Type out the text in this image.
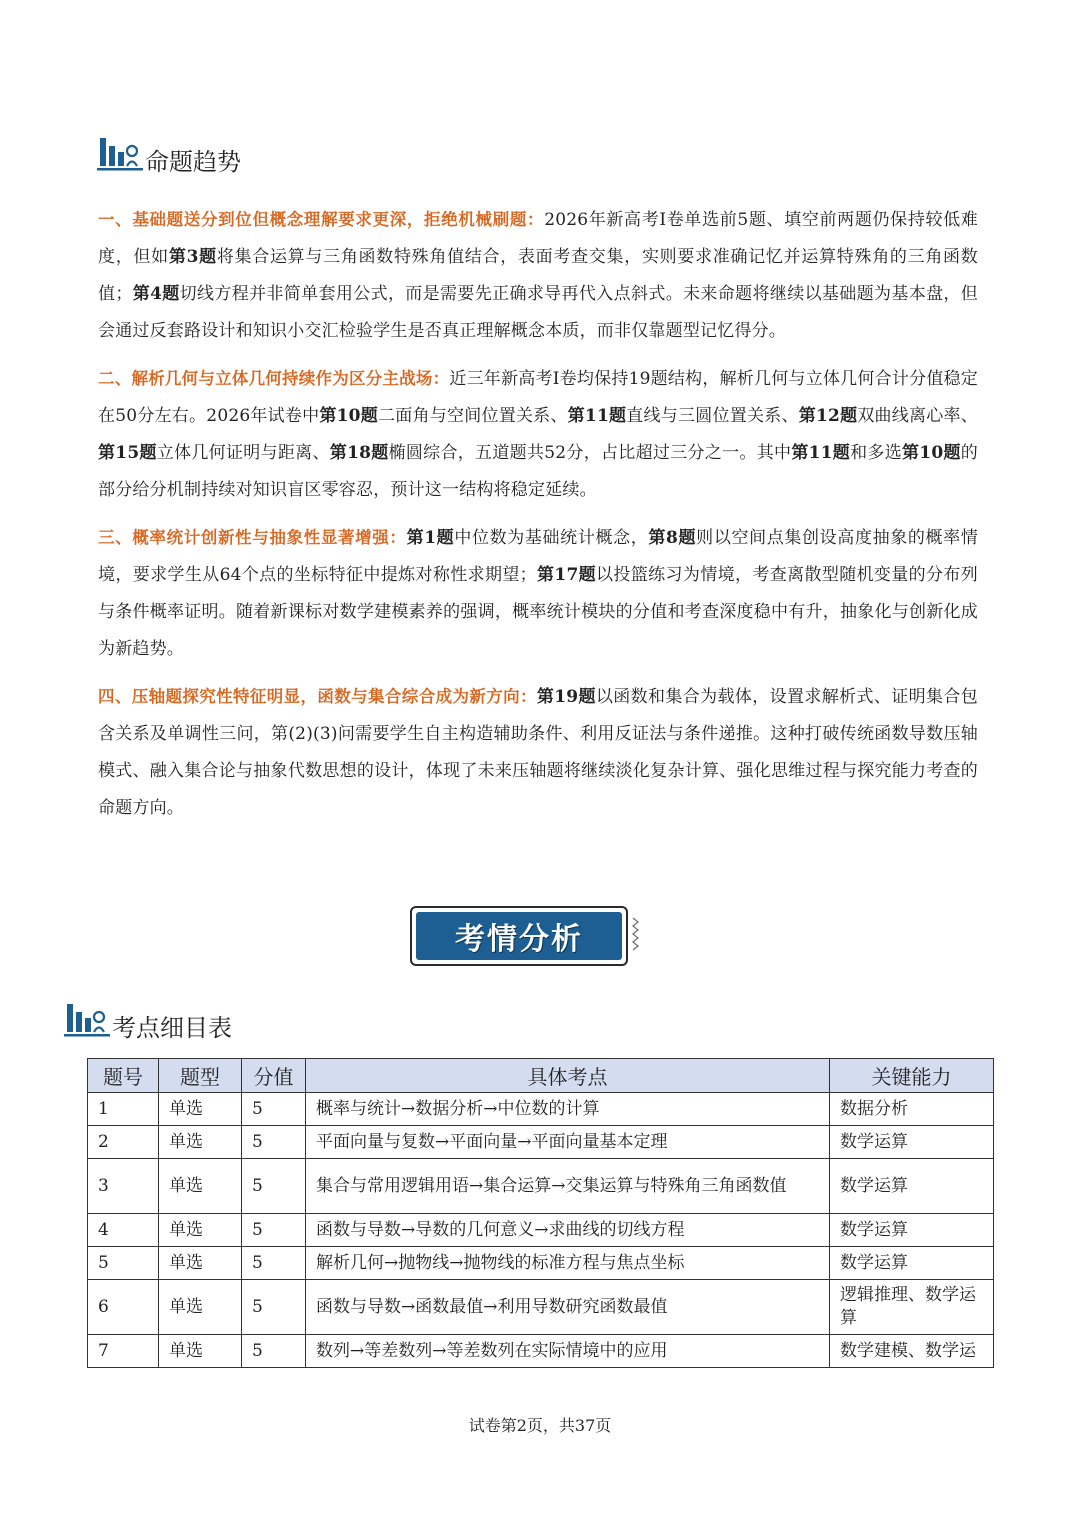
命题趋势

一、基础题送分到位但概念理解要求更深，拒绝机械刷题：2026年新高考I卷单选前5题、填空前两题仍保持较低难度，但如第3题将集合运算与三角函数特殊角值结合，表面考查交集，实则要求准确记忆并运算特殊角的三角函数值；第4题切线方程并非简单套用公式，而是需要先正确求导再代入点斜式。未来命题将继续以基础题为基本盘，但会通过反套路设计和知识小交汇检验学生是否真正理解概念本质，而非仅靠题型记忆得分。

二、解析几何与立体几何持续作为区分主战场：近三年新高考I卷均保持19题结构，解析几何与立体几何合计分值稳定在50分左右。2026年试卷中第10题二面角与空间位置关系、第11题直线与三圆位置关系、第12题双曲线离心率、第15题立体几何证明与距离、第18题椭圆综合，五道题共52分，占比超过三分之一。其中第11题和多选第10题的部分给分机制持续对知识盲区零容忍，预计这一结构将稳定延续。

三、概率统计创新性与抽象性显著增强：第1题中位数为基础统计概念，第8题则以空间点集创设高度抽象的概率情境，要求学生从64个点的坐标特征中提炼对称性求期望；第17题以投篮练习为情境，考查离散型随机变量的分布列与条件概率证明。随着新课标对数学建模素养的强调，概率统计模块的分值和考查深度稳中有升，抽象化与创新化成为新趋势。

四、压轴题探究性特征明显，函数与集合综合成为新方向：第19题以函数和集合为载体，设置求解析式、证明集合包含关系及单调性三问，第(2)(3)问需要学生自主构造辅助条件、利用反证法与条件递推。这种打破传统函数导数压轴模式、融入集合论与抽象代数思想的设计，体现了未来压轴题将继续淡化复杂计算、强化思维过程与探究能力考查的命题方向。

考情分析
考点细目表
题号	题型	分值	具体考点	关键能力
1	单选	5	概率与统计→数据分析→中位数的计算	数据分析
2	单选	5	平面向量与复数→平面向量→平面向量基本定理	数学运算
3	单选	5	集合与常用逻辑用语→集合运算→交集运算与特殊角三角函数值	数学运算
4	单选	5	函数与导数→导数的几何意义→求曲线的切线方程	数学运算
5	单选	5	解析几何→抛物线→抛物线的标准方程与焦点坐标	数学运算
6	单选	5	函数与导数→函数最值→利用导数研究函数最值	逻辑推理、数学运算
7	单选	5	数列→等差数列→等差数列在实际情境中的应用	数学建模、数学运
试卷第2页，共37页
